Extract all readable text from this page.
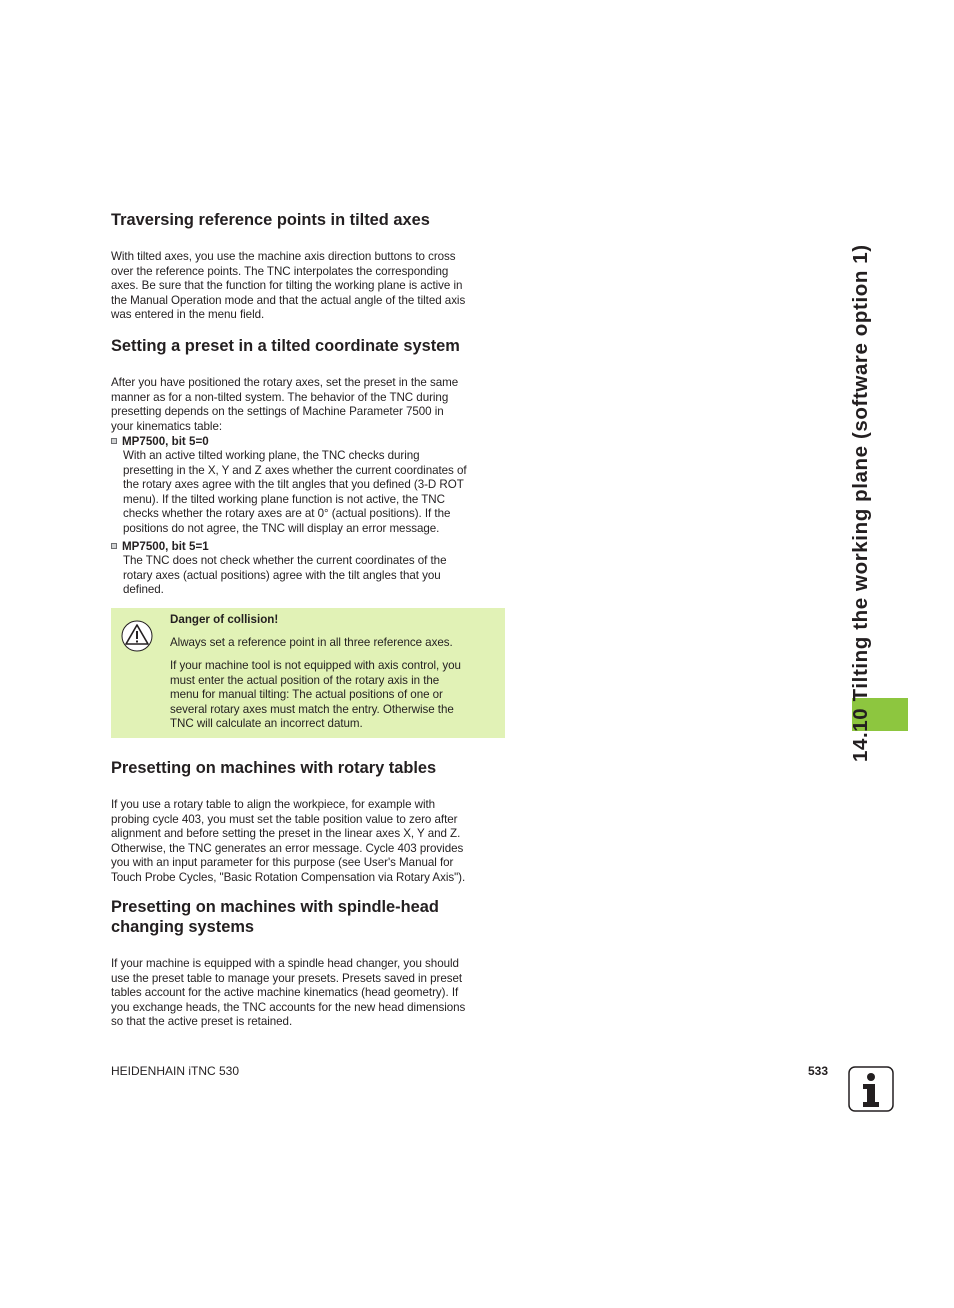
Traversing reference points in tilted axes

With tilted axes, you use the machine axis direction buttons to cross
over the reference points. The TNC interpolates the corresponding
axes. Be sure that the function for tilting the working plane is active in
the Manual Operation mode and that the actual angle of the tilted axis
was entered in the menu field.

Setting a preset in a tilted coordinate system

After you have positioned the rotary axes, set the preset in the same
manner as for a non-tilted system. The behavior of the TNC during
presetting depends on the settings of Machine Parameter 7500 in
your kinematics table:

MP7500, bit 5=0

With an active tilted working plane, the TNC checks during
presetting in the X, Y and Z axes whether the current coordinates of
the rotary axes agree with the tilt angles that you defined (3-D ROT
menu). If the tilted working plane function is not active, the TNC
checks whether the rotary axes are at 0° (actual positions). If the
positions do not agree, the TNC will display an error message.

MP7500, bit 5=1

The TNC does not check whether the current coordinates of the
rotary axes (actual positions) agree with the tilt angles that you
defined.

Danger of collision!

Always set a reference point in all three reference axes.

If your machine tool is not equipped with axis control, you
must enter the actual position of the rotary axis in the
menu for manual tilting: The actual positions of one or
several rotary axes must match the entry. Otherwise the
TNC will calculate an incorrect datum.

Presetting on machines with rotary tables

If you use a rotary table to align the workpiece, for example with
probing cycle 403, you must set the table position value to zero after
alignment and before setting the preset in the linear axes X, Y and Z.
Otherwise, the TNC generates an error message. Cycle 403 provides
you with an input parameter for this purpose (see User's Manual for
Touch Probe Cycles, "Basic Rotation Compensation via Rotary Axis").

Presetting on machines with spindle-head
changing systems

If your machine is equipped with a spindle head changer, you should
use the preset table to manage your presets. Presets saved in preset
tables account for the active machine kinematics (head geometry). If
you exchange heads, the TNC accounts for the new head dimensions
so that the active preset is retained.

14.10 Tilting the working plane (software option 1)
HEIDENHAIN iTNC 530	533
